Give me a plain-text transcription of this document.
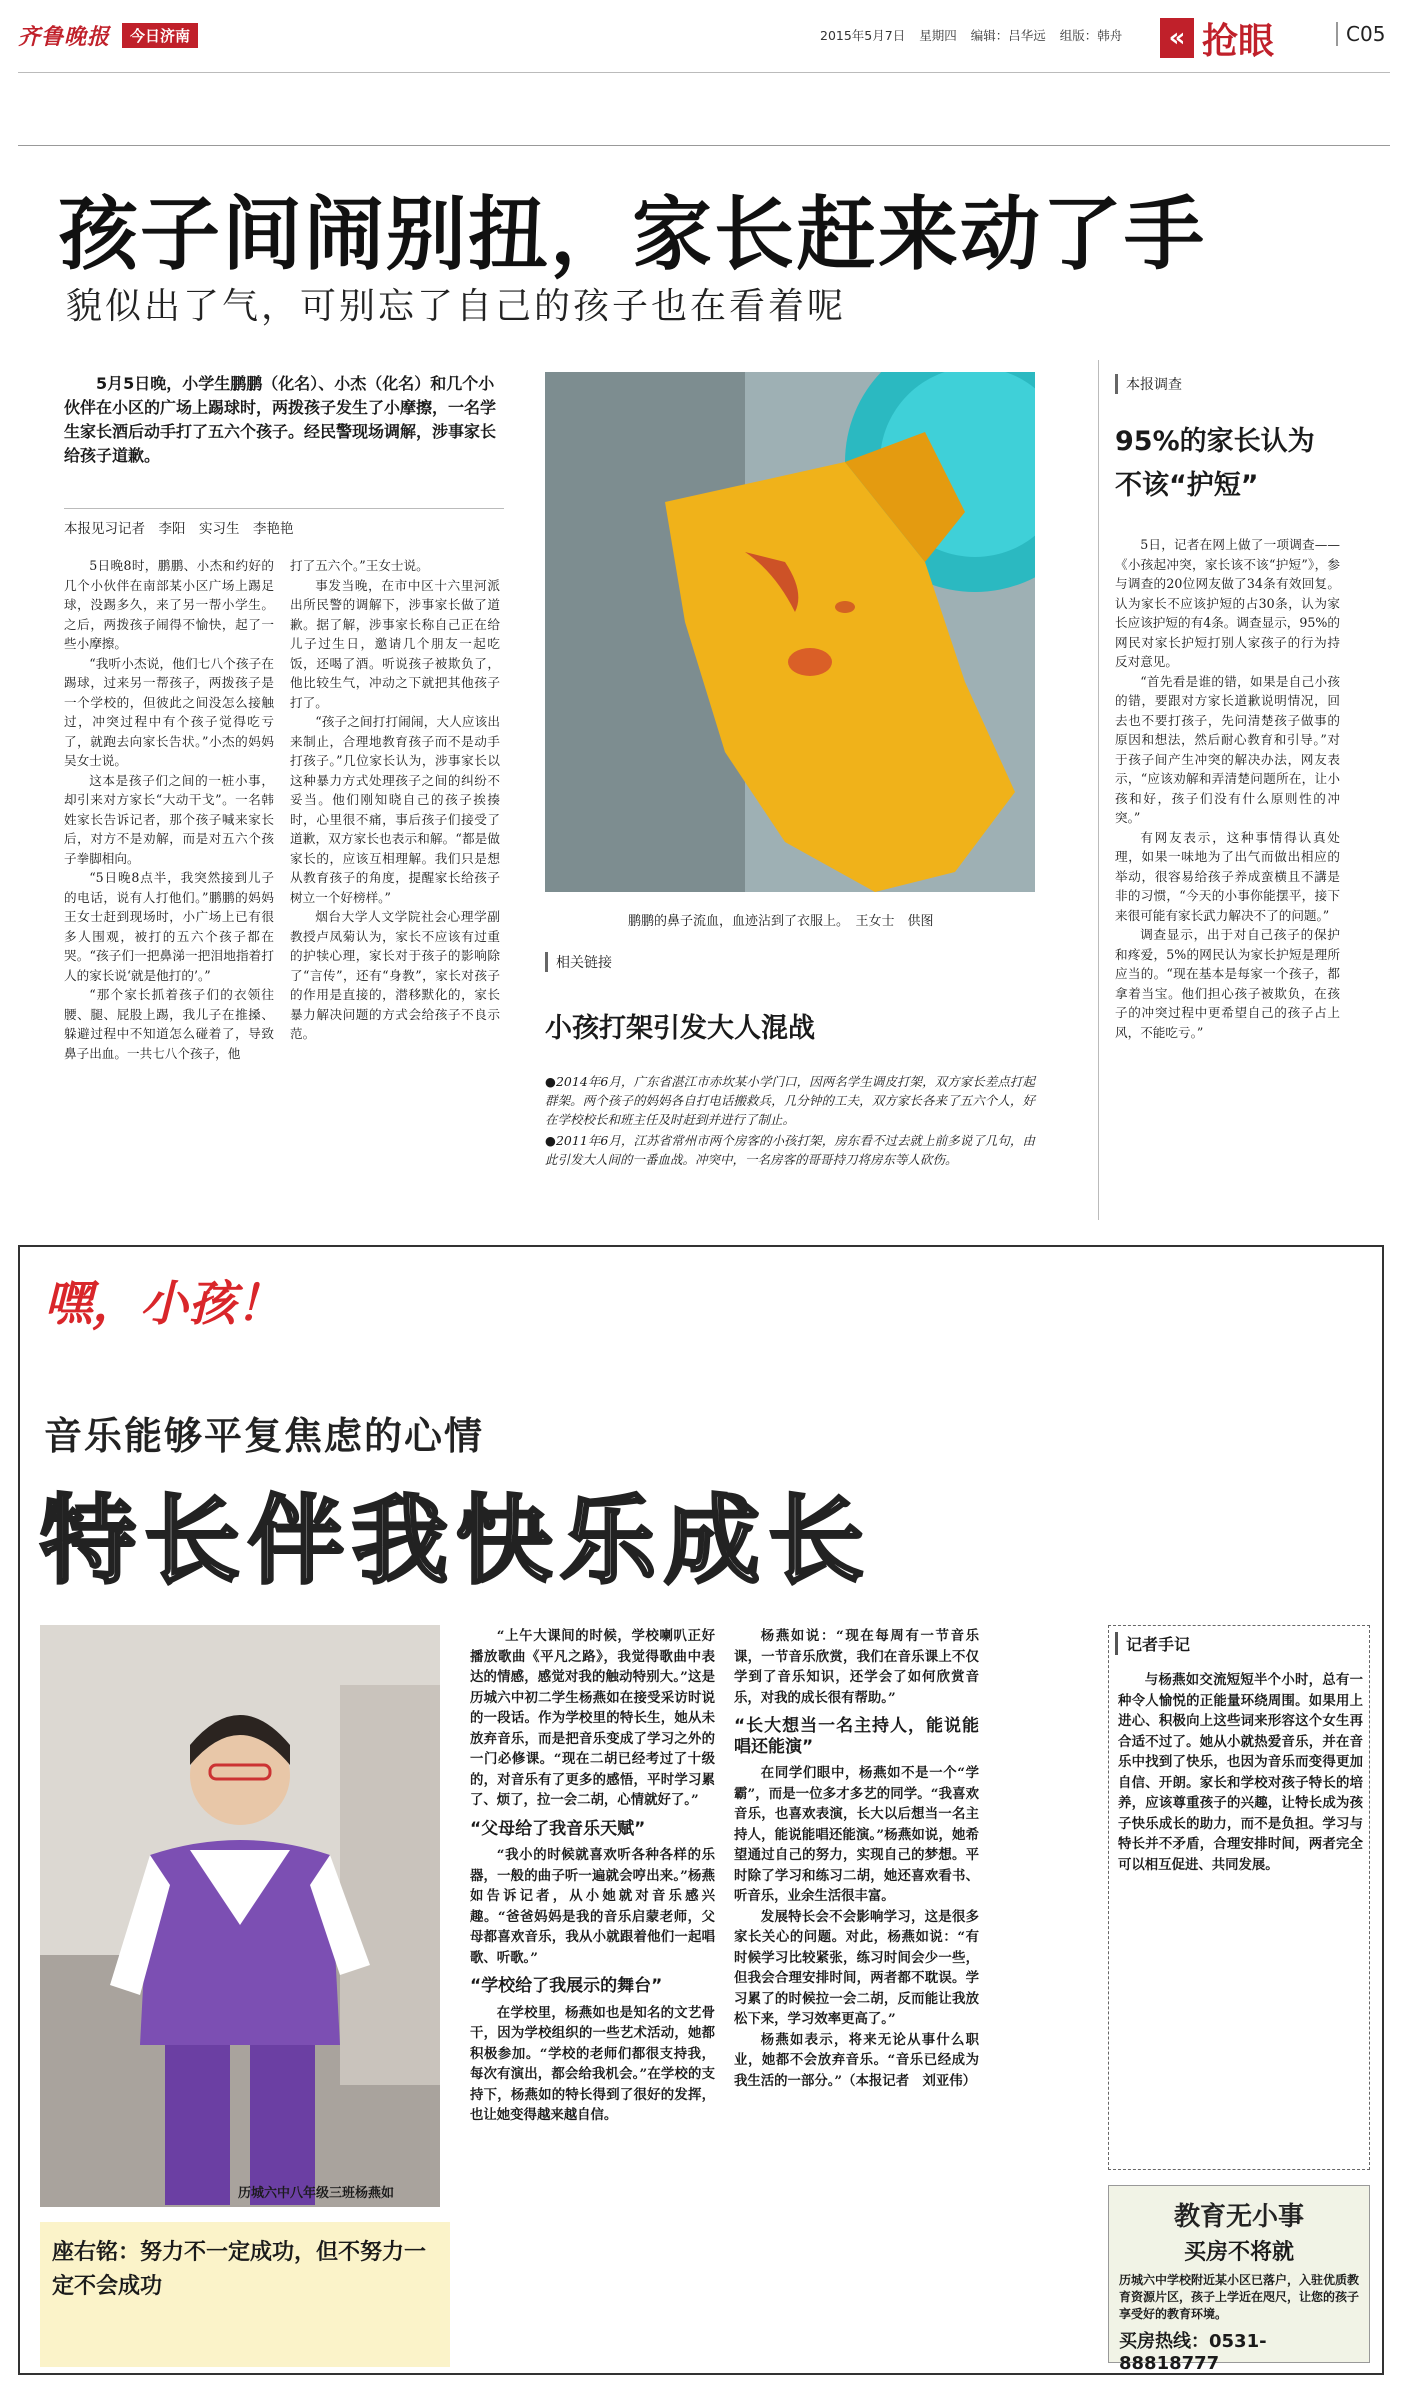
齐鲁晚报	今日济南	2015年5月7日 星期四 编辑：吕华远 组版：韩舟	« 抢眼	C05
孩子间闹别扭，家长赶来动了手
貌似出了气，可别忘了自己的孩子也在看着呢
5月5日晚，小学生鹏鹏（化名）、小杰（化名）和几个小伙伴在小区的广场上踢球时，两拨孩子发生了小摩擦，一名学生家长酒后动手打了五六个孩子。经民警现场调解，涉事家长给孩子道歉。
本报见习记者　李阳　实习生　李艳艳

5日晚8时，鹏鹏、小杰和约好的几个小伙伴在南部某小区广场上踢足球，没踢多久，来了另一帮小学生。之后，两拨孩子闹得不愉快，起了一些小摩擦。

“我听小杰说，他们七八个孩子在踢球，过来另一帮孩子，两拨孩子是一个学校的，但彼此之间没怎么接触过，冲突过程中有个孩子觉得吃亏了，就跑去向家长告状。”小杰的妈妈吴女士说。

这本是孩子们之间的一桩小事，却引来对方家长“大动干戈”。一名韩姓家长告诉记者，那个孩子喊来家长后，对方不是劝解，而是对五六个孩子拳脚相向。

“5日晚8点半，我突然接到儿子的电话，说有人打他们。”鹏鹏的妈妈王女士赶到现场时，小广场上已有很多人围观，被打的五六个孩子都在哭。“孩子们一把鼻涕一把泪地指着打人的家长说‘就是他打的’。”

“那个家长抓着孩子们的衣领往腰、腿、屁股上踢，我儿子在推搡、躲避过程中不知道怎么碰着了，导致鼻子出血。一共七八个孩子，他

打了五六个。”王女士说。

事发当晚，在市中区十六里河派出所民警的调解下，涉事家长做了道歉。据了解，涉事家长称自己正在给儿子过生日，邀请几个朋友一起吃饭，还喝了酒。听说孩子被欺负了，他比较生气，冲动之下就把其他孩子打了。

“孩子之间打打闹闹，大人应该出来制止，合理地教育孩子而不是动手打孩子。”几位家长认为，涉事家长以这种暴力方式处理孩子之间的纠纷不妥当。他们刚知晓自己的孩子挨揍时，心里很不痛，事后孩子们接受了道歉，双方家长也表示和解。“都是做家长的，应该互相理解。我们只是想从教育孩子的角度，提醒家长给孩子树立一个好榜样。”

烟台大学人文学院社会心理学副教授卢凤菊认为，家长不应该有过重的护犊心理，家长对于孩子的影响除了“言传”，还有“身教”，家长对孩子的作用是直接的，潜移默化的，家长暴力解决问题的方式会给孩子不良示范。

鹏鹏的鼻子流血，血迹沾到了衣服上。　王女士　供图
相关链接
小孩打架引发大人混战

●2014年6月，广东省湛江市赤坎某小学门口，因两名学生调皮打架，双方家长差点打起群架。两个孩子的妈妈各自打电话搬救兵，几分钟的工夫，双方家长各来了五六个人，好在学校校长和班主任及时赶到并进行了制止。

●2011年6月，江苏省常州市两个房客的小孩打架，房东看不过去就上前多说了几句，由此引发大人间的一番血战。冲突中，一名房客的哥哥持刀将房东等人砍伤。

本报调查
95%的家长认为
不该“护短”

5日，记者在网上做了一项调查——《小孩起冲突，家长该不该“护短”》，参与调查的20位网友做了34条有效回复。认为家长不应该护短的占30条，认为家长应该护短的有4条。调查显示，95%的网民对家长护短打别人家孩子的行为持反对意见。

“首先看是谁的错，如果是自己小孩的错，要跟对方家长道歉说明情况，回去也不要打孩子，先问清楚孩子做事的原因和想法，然后耐心教育和引导。”对于孩子间产生冲突的解决办法，网友表示，“应该劝解和弄清楚问题所在，让小孩和好，孩子们没有什么原则性的冲突。”

有网友表示，这种事情得认真处理，如果一味地为了出气而做出相应的举动，很容易给孩子养成蛮横且不講是非的习惯，“今天的小事你能摆平，接下来很可能有家长武力解决不了的问题。”

调查显示，出于对自己孩子的保护和疼爱，5%的网民认为家长护短是理所应当的。“现在基本是每家一个孩子，都拿着当宝。他们担心孩子被欺负，在孩子的冲突过程中更希望自己的孩子占上风，不能吃亏。”

嘿，小孩！
音乐能够平复焦虑的心情
特长伴我快乐成长
历城六中八年级三班杨燕如
座右铭：努力不一定成功，但不努力一定不会成功

“上午大课间的时候，学校喇叭正好播放歌曲《平凡之路》，我觉得歌曲中表达的情感，感觉对我的触动特别大。”这是历城六中初二学生杨燕如在接受采访时说的一段话。作为学校里的特长生，她从未放弃音乐，而是把音乐变成了学习之外的一门必修课。“现在二胡已经考过了十级的，对音乐有了更多的感悟，平时学习累了、烦了，拉一会二胡，心情就好了。”

“父母给了我音乐天赋”

“我小的时候就喜欢听各种各样的乐器，一般的曲子听一遍就会哼出来。”杨燕如告诉记者，从小她就对音乐感兴趣。“爸爸妈妈是我的音乐启蒙老师，父母都喜欢音乐，我从小就跟着他们一起唱歌、听歌。”

“学校给了我展示的舞台”

在学校里，杨燕如也是知名的文艺骨干，因为学校组织的一些艺术活动，她都积极参加。“学校的老师们都很支持我，每次有演出，都会给我机会。”在学校的支持下，杨燕如的特长得到了很好的发挥，也让她变得越来越自信。

杨燕如说：“现在每周有一节音乐课，一节音乐欣赏，我们在音乐课上不仅学到了音乐知识，还学会了如何欣赏音乐，对我的成长很有帮助。”

“长大想当一名主持人，能说能唱还能演”

在同学们眼中，杨燕如不是一个“学霸”，而是一位多才多艺的同学。“我喜欢音乐，也喜欢表演，长大以后想当一名主持人，能说能唱还能演。”杨燕如说，她希望通过自己的努力，实现自己的梦想。平时除了学习和练习二胡，她还喜欢看书、听音乐，业余生活很丰富。

发展特长会不会影响学习，这是很多家长关心的问题。对此，杨燕如说：“有时候学习比较紧张，练习时间会少一些，但我会合理安排时间，两者都不耽误。学习累了的时候拉一会二胡，反而能让我放松下来，学习效率更高了。”

杨燕如表示，将来无论从事什么职业，她都不会放弃音乐。“音乐已经成为我生活的一部分。”（本报记者　刘亚伟）

记者手记

与杨燕如交流短短半个小时，总有一种令人愉悦的正能量环绕周围。如果用上进心、积极向上这些词来形容这个女生再合适不过了。她从小就热爱音乐，并在音乐中找到了快乐，也因为音乐而变得更加自信、开朗。家长和学校对孩子特长的培养，应该尊重孩子的兴趣，让特长成为孩子快乐成长的助力，而不是负担。学习与特长并不矛盾，合理安排时间，两者完全可以相互促进、共同发展。

教育无小事
买房不将就
历城六中学校附近某小区已落户，入驻优质教育资源片区，孩子上学近在咫尺，让您的孩子享受好的教育环境。
买房热线：0531-88818777
